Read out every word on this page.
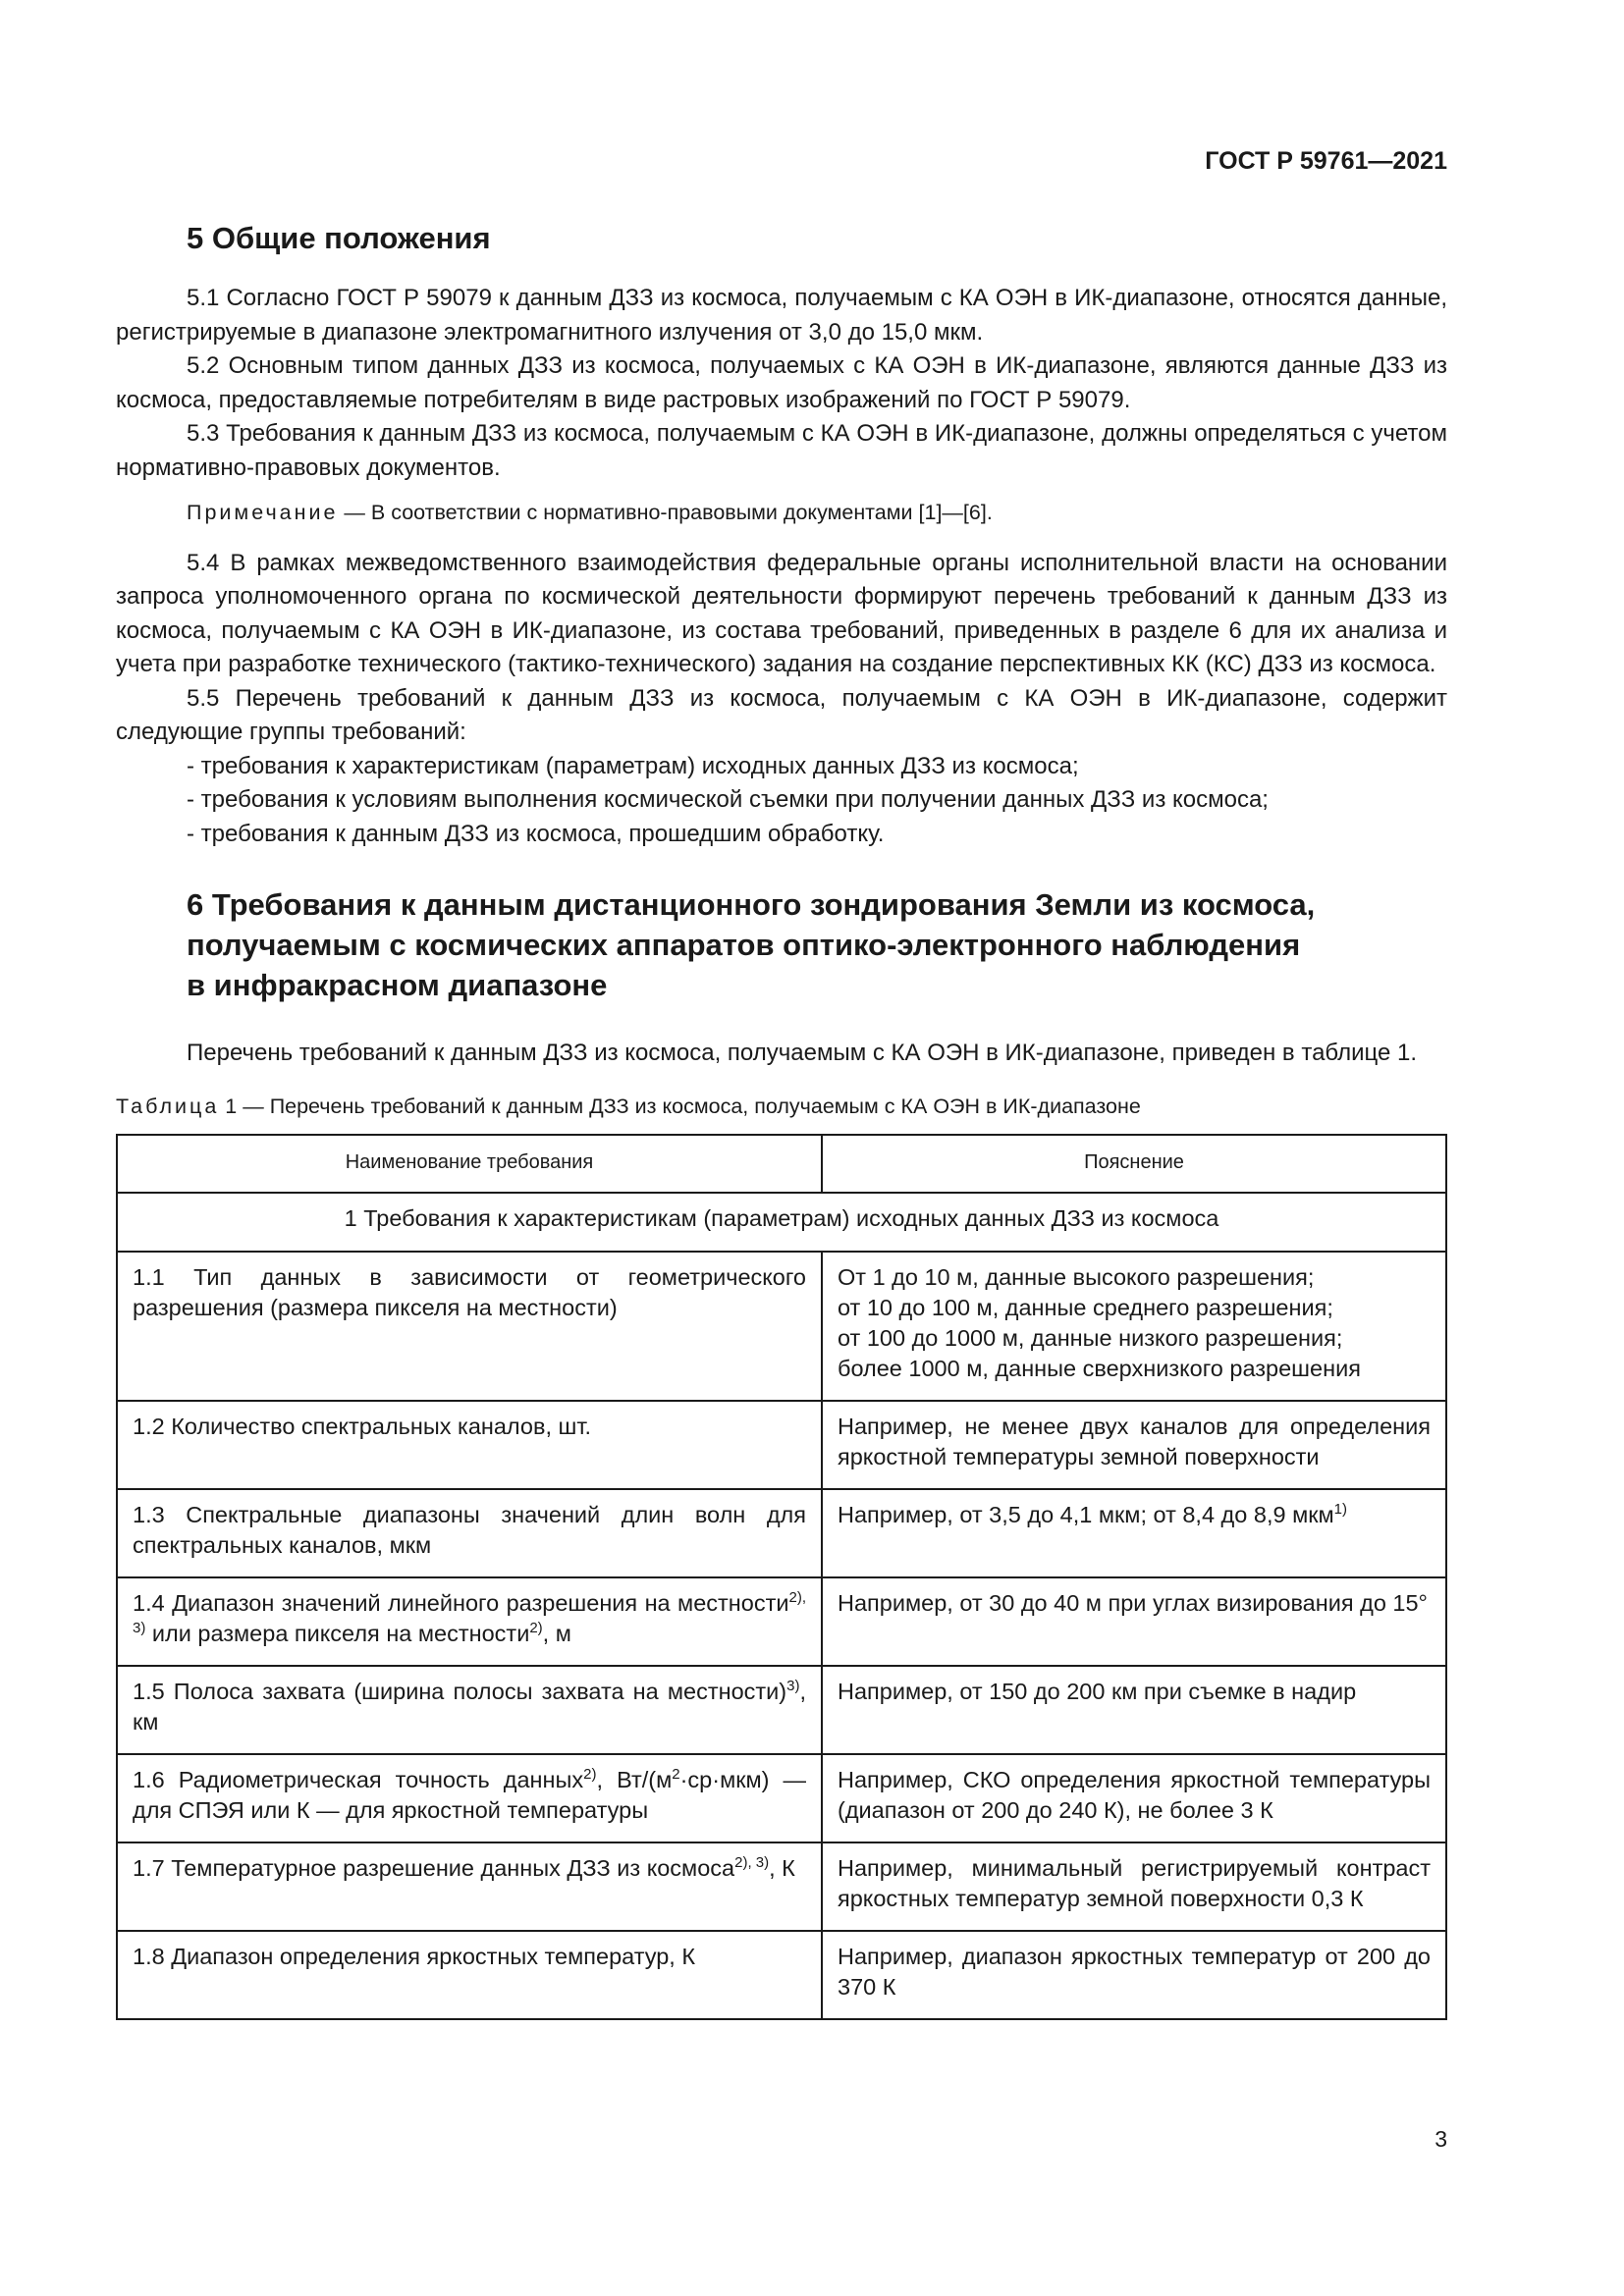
ГОСТ Р 59761—2021
5 Общие положения

5.1 Согласно ГОСТ Р 59079 к данным ДЗЗ из космоса, получаемым с КА ОЭН в ИК-диапазоне, относятся данные, регистрируемые в диапазоне электромагнитного излучения от 3,0 до 15,0 мкм.

5.2 Основным типом данных ДЗЗ из космоса, получаемых с КА ОЭН в ИК-диапазоне, являются данные ДЗЗ из космоса, предоставляемые потребителям в виде растровых изображений по ГОСТ Р 59079.

5.3 Требования к данным ДЗЗ из космоса, получаемым с КА ОЭН в ИК-диапазоне, должны определяться с учетом нормативно-правовых документов.

Примечание — В соответствии с нормативно-правовыми документами [1]—[6].

5.4 В рамках межведомственного взаимодействия федеральные органы исполнительной власти на основании запроса уполномоченного органа по космической деятельности формируют перечень требований к данным ДЗЗ из космоса, получаемым с КА ОЭН в ИК-диапазоне, из состава требований, приведенных в разделе 6 для их анализа и учета при разработке технического (тактико-технического) задания на создание перспективных КК (КС) ДЗЗ из космоса.

5.5 Перечень требований к данным ДЗЗ из космоса, получаемым с КА ОЭН в ИК-диапазоне, содержит следующие группы требований:

- требования к характеристикам (параметрам) исходных данных ДЗЗ из космоса;

- требования к условиям выполнения космической съемки при получении данных ДЗЗ из космоса;

- требования к данным ДЗЗ из космоса, прошедшим обработку.

6 Требования к данным дистанционного зондирования Земли из космоса,
получаемым с космических аппаратов оптико-электронного наблюдения
в инфракрасном диапазоне

Перечень требований к данным ДЗЗ из космоса, получаемым с КА ОЭН в ИК-диапазоне, приведен в таблице 1.

Таблица 1 — Перечень требований к данным ДЗЗ из космоса, получаемым с КА ОЭН в ИК-диапазоне
Наименование требования	Пояснение
1 Требования к характеристикам (параметрам) исходных данных ДЗЗ из космоса	
1.1 Тип данных в зависимости от геометрического разрешения (размера пикселя на местности)	От 1 до 10 м, данные высокого разрешения;
от 10 до 100 м, данные среднего разрешения;
от 100 до 1000 м, данные низкого разрешения;
более 1000 м, данные сверхнизкого разрешения
1.2 Количество спектральных каналов, шт.	Например, не менее двух каналов для определения яркостной температуры земной поверхности
1.3 Спектральные диапазоны значений длин волн для спектральных каналов, мкм	Например, от 3,5 до 4,1 мкм; от 8,4 до 8,9 мкм$^{1)}$
1.4 Диапазон значений линейного разрешения на местности$^{2), 3)}$ или размера пикселя на местности$^{2)}$, м	Например, от 30 до 40 м при углах визирования до 15°
1.5 Полоса захвата (ширина полосы захвата на местности)$^{3)}$, км	Например, от 150 до 200 км при съемке в надир
1.6 Радиометрическая точность данных$^{2)}$, $Вт/(м^2\cdot ср\cdot мкм)$ — для СПЭЯ или К — для яркостной температуры	Например, СКО определения яркостной температуры (диапазон от 200 до 240 К), не более 3 К
1.7 Температурное разрешение данных ДЗЗ из космоса$^{2), 3)}$, К	Например, минимальный регистрируемый контраст яркостных температур земной поверхности 0,3 К
1.8 Диапазон определения яркостных температур, К	Например, диапазон яркостных температур от 200 до 370 К
3
